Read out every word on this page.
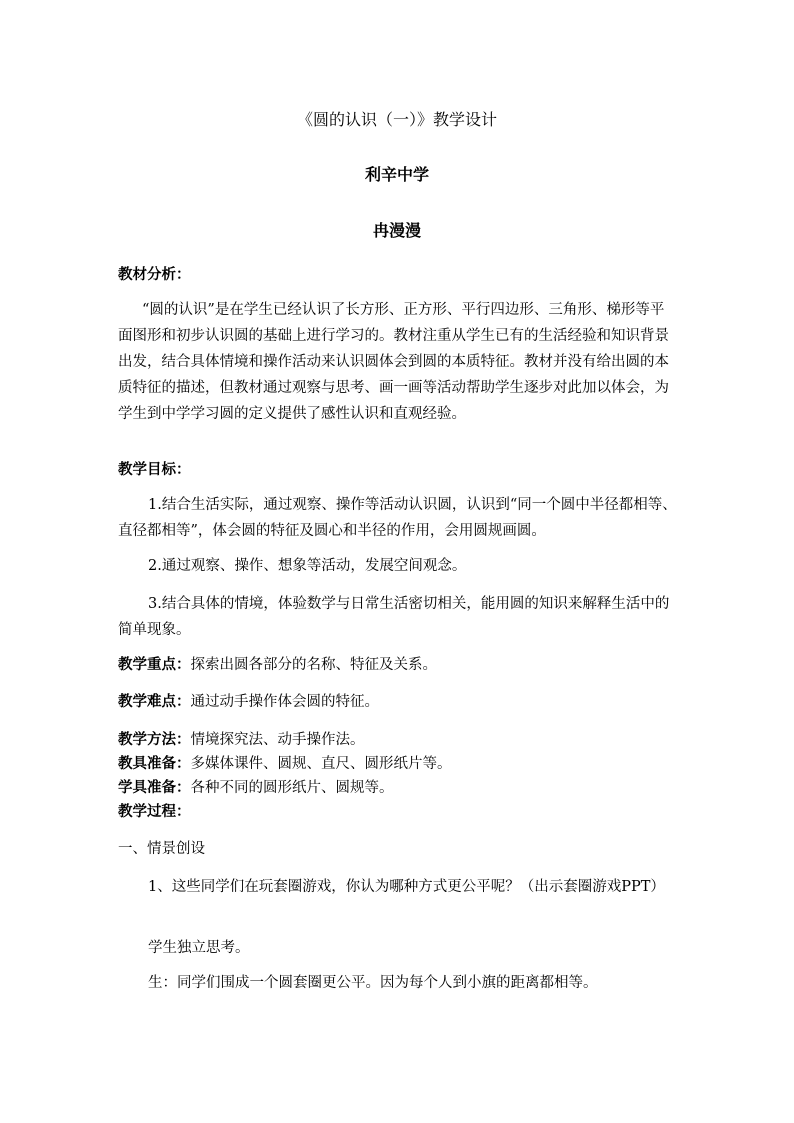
《圆的认识（一）》教学设计
利辛中学
冉漫漫

教材分析：

“圆的认识”是在学生已经认识了长方形、正方形、平行四边形、三角形、梯形等平面图形和初步认识圆的基础上进行学习的。教材注重从学生已有的生活经验和知识背景出发，结合具体情境和操作活动来认识圆体会到圆的本质特征。教材并没有给出圆的本质特征的描述，但教材通过观察与思考、画一画等活动帮助学生逐步对此加以体会，为学生到中学学习圆的定义提供了感性认识和直观经验。

教学目标：

1.结合生活实际，通过观察、操作等活动认识圆，认识到“同一个圆中半径都相等、直径都相等”，体会圆的特征及圆心和半径的作用，会用圆规画圆。

2.通过观察、操作、想象等活动，发展空间观念。

3.结合具体的情境，体验数学与日常生活密切相关，能用圆的知识来解释生活中的简单现象。

教学重点：探索出圆各部分的名称、特征及关系。

教学难点：通过动手操作体会圆的特征。

教学方法：情境探究法、动手操作法。

教具准备：多媒体课件、圆规、直尺、圆形纸片等。

学具准备：各种不同的圆形纸片、圆规等。

教学过程：

一、情景创设

1、这些同学们在玩套圈游戏，你认为哪种方式更公平呢？（出示套圈游戏PPT）

学生独立思考。

生：同学们围成一个圆套圈更公平。因为每个人到小旗的距离都相等。
